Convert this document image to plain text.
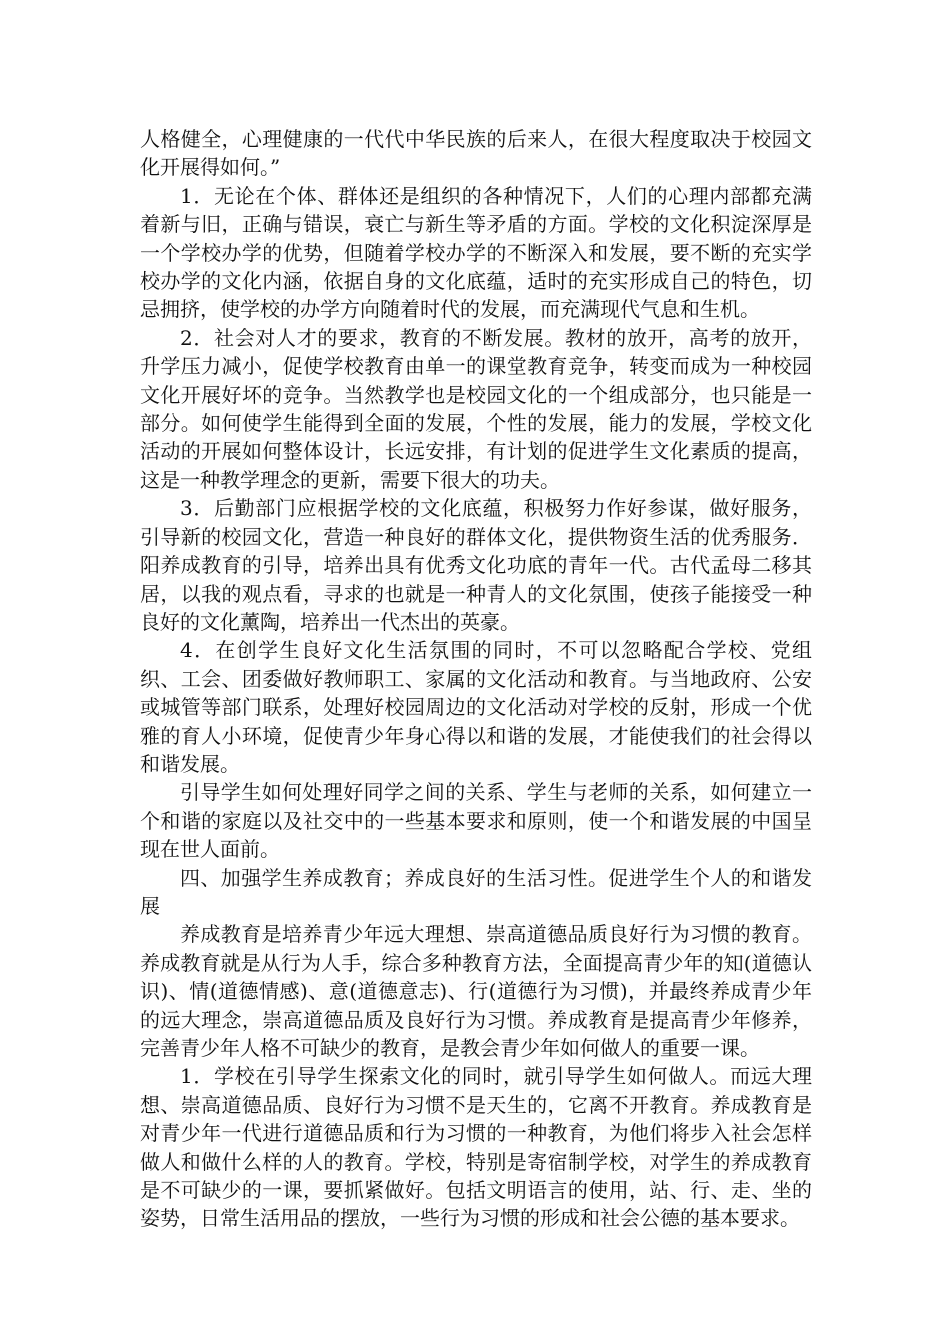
人格健全，心理健康的一代代中华民族的后来人，在很大程度取决于校园文化开展得如何。”

1．无论在个体、群体还是组织的各种情况下，人们的心理内部都充满着新与旧，正确与错误，衰亡与新生等矛盾的方面。学校的文化积淀深厚是一个学校办学的优势，但随着学校办学的不断深入和发展，要不断的充实学校办学的文化内涵，依据自身的文化底蕴，适时的充实形成自己的特色，切忌拥挤，使学校的办学方向随着时代的发展，而充满现代气息和生机。

2．社会对人才的要求，教育的不断发展。教材的放开，高考的放开，升学压力减小，促使学校教育由单一的课堂教育竞争，转变而成为一种校园文化开展好坏的竞争。当然教学也是校园文化的一个组成部分，也只能是一部分。如何使学生能得到全面的发展，个性的发展，能力的发展，学校文化活动的开展如何整体设计，长远安排，有计划的促进学生文化素质的提高，这是一种教学理念的更新，需要下很大的功夫。

3．后勤部门应根据学校的文化底蕴，积极努力作好参谋，做好服务，引导新的校园文化，营造一种良好的群体文化，提供物资生活的优秀服务．阳养成教育的引导，培养出具有优秀文化功底的青年一代。古代孟母二移其居，以我的观点看，寻求的也就是一种青人的文化氛围，使孩子能接受一种良好的文化薰陶，培养出一代杰出的英豪。

4．在创学生良好文化生活氛围的同时，不可以忽略配合学校、党组织、工会、团委做好教师职工、家属的文化活动和教育。与当地政府、公安或城管等部门联系，处理好校园周边的文化活动对学校的反射，形成一个优雅的育人小环境，促使青少年身心得以和谐的发展，才能使我们的社会得以和谐发展。

引导学生如何处理好同学之间的关系、学生与老师的关系，如何建立一个和谐的家庭以及社交中的一些基本要求和原则，使一个和谐发展的中国呈现在世人面前。

四、加强学生养成教育；养成良好的生活习性。促进学生个人的和谐发展

养成教育是培养青少年远大理想、崇高道德品质良好行为习惯的教育。养成教育就是从行为人手，综合多种教育方法，全面提高青少年的知(道德认识)、情(道德情感)、意(道德意志)、行(道德行为习惯)，并最终养成青少年的远大理念，崇高道德品质及良好行为习惯。养成教育是提高青少年修养，完善青少年人格不可缺少的教育，是教会青少年如何做人的重要一课。

1．学校在引导学生探索文化的同时，就引导学生如何做人。而远大理想、崇高道德品质、良好行为习惯不是天生的，它离不开教育。养成教育是对青少年一代进行道德品质和行为习惯的一种教育，为他们将步入社会怎样做人和做什么样的人的教育。学校，特别是寄宿制学校，对学生的养成教育是不可缺少的一课，要抓紧做好。包括文明语言的使用，站、行、走、坐的姿势，日常生活用品的摆放，一些行为习惯的形成和社会公德的基本要求。
